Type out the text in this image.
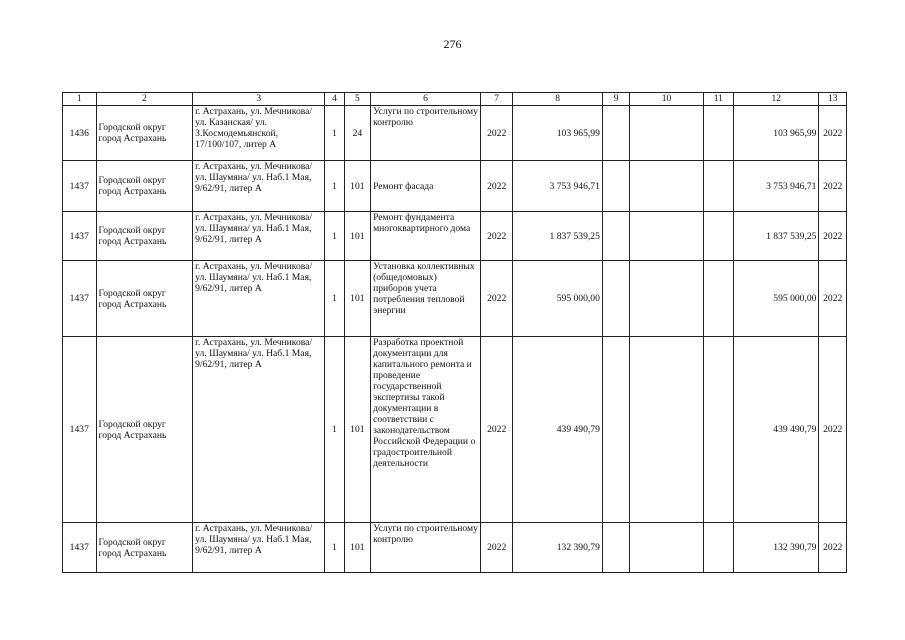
276
1	2	3	4	5	6	7	8	9	10	11	12	13
1436	Городской округ город Астрахань	г. Астрахань, ул. Мечникова/ ул. Казанская/ ул. З.Космодемьянской, 17/100/107, литер А	1	24	Услуги по строительному контролю	2022	103 965,99				103 965,99	2022
1437	Городской округ город Астрахань	г. Астрахань, ул. Мечникова/ ул. Шаумяна/ ул. Наб.1 Мая, 9/62/91, литер А	1	101	Ремонт фасада	2022	3 753 946,71				3 753 946,71	2022
1437	Городской округ город Астрахань	г. Астрахань, ул. Мечникова/ ул. Шаумяна/ ул. Наб.1 Мая, 9/62/91, литер А	1	101	Ремонт фундамента многоквартирного дома	2022	1 837 539,25				1 837 539,25	2022
1437	Городской округ город Астрахань	г. Астрахань, ул. Мечникова/ ул. Шаумяна/ ул. Наб.1 Мая, 9/62/91, литер А	1	101	Установка коллективных (общедомовых) приборов учета потребления тепловой энергии	2022	595 000,00				595 000,00	2022
1437	Городской округ город Астрахань	г. Астрахань, ул. Мечникова/ ул. Шаумяна/ ул. Наб.1 Мая, 9/62/91, литер А	1	101	Разработка проектной документации для капитального ремонта и проведение государственной экспертизы такой документации в соответствии с законодательством Российской Федерации о градостроительной деятельности	2022	439 490,79				439 490,79	2022
1437	Городской округ город Астрахань	г. Астрахань, ул. Мечникова/ ул. Шаумяна/ ул. Наб.1 Мая, 9/62/91, литер А	1	101	Услуги по строительному контролю	2022	132 390,79				132 390,79	2022
